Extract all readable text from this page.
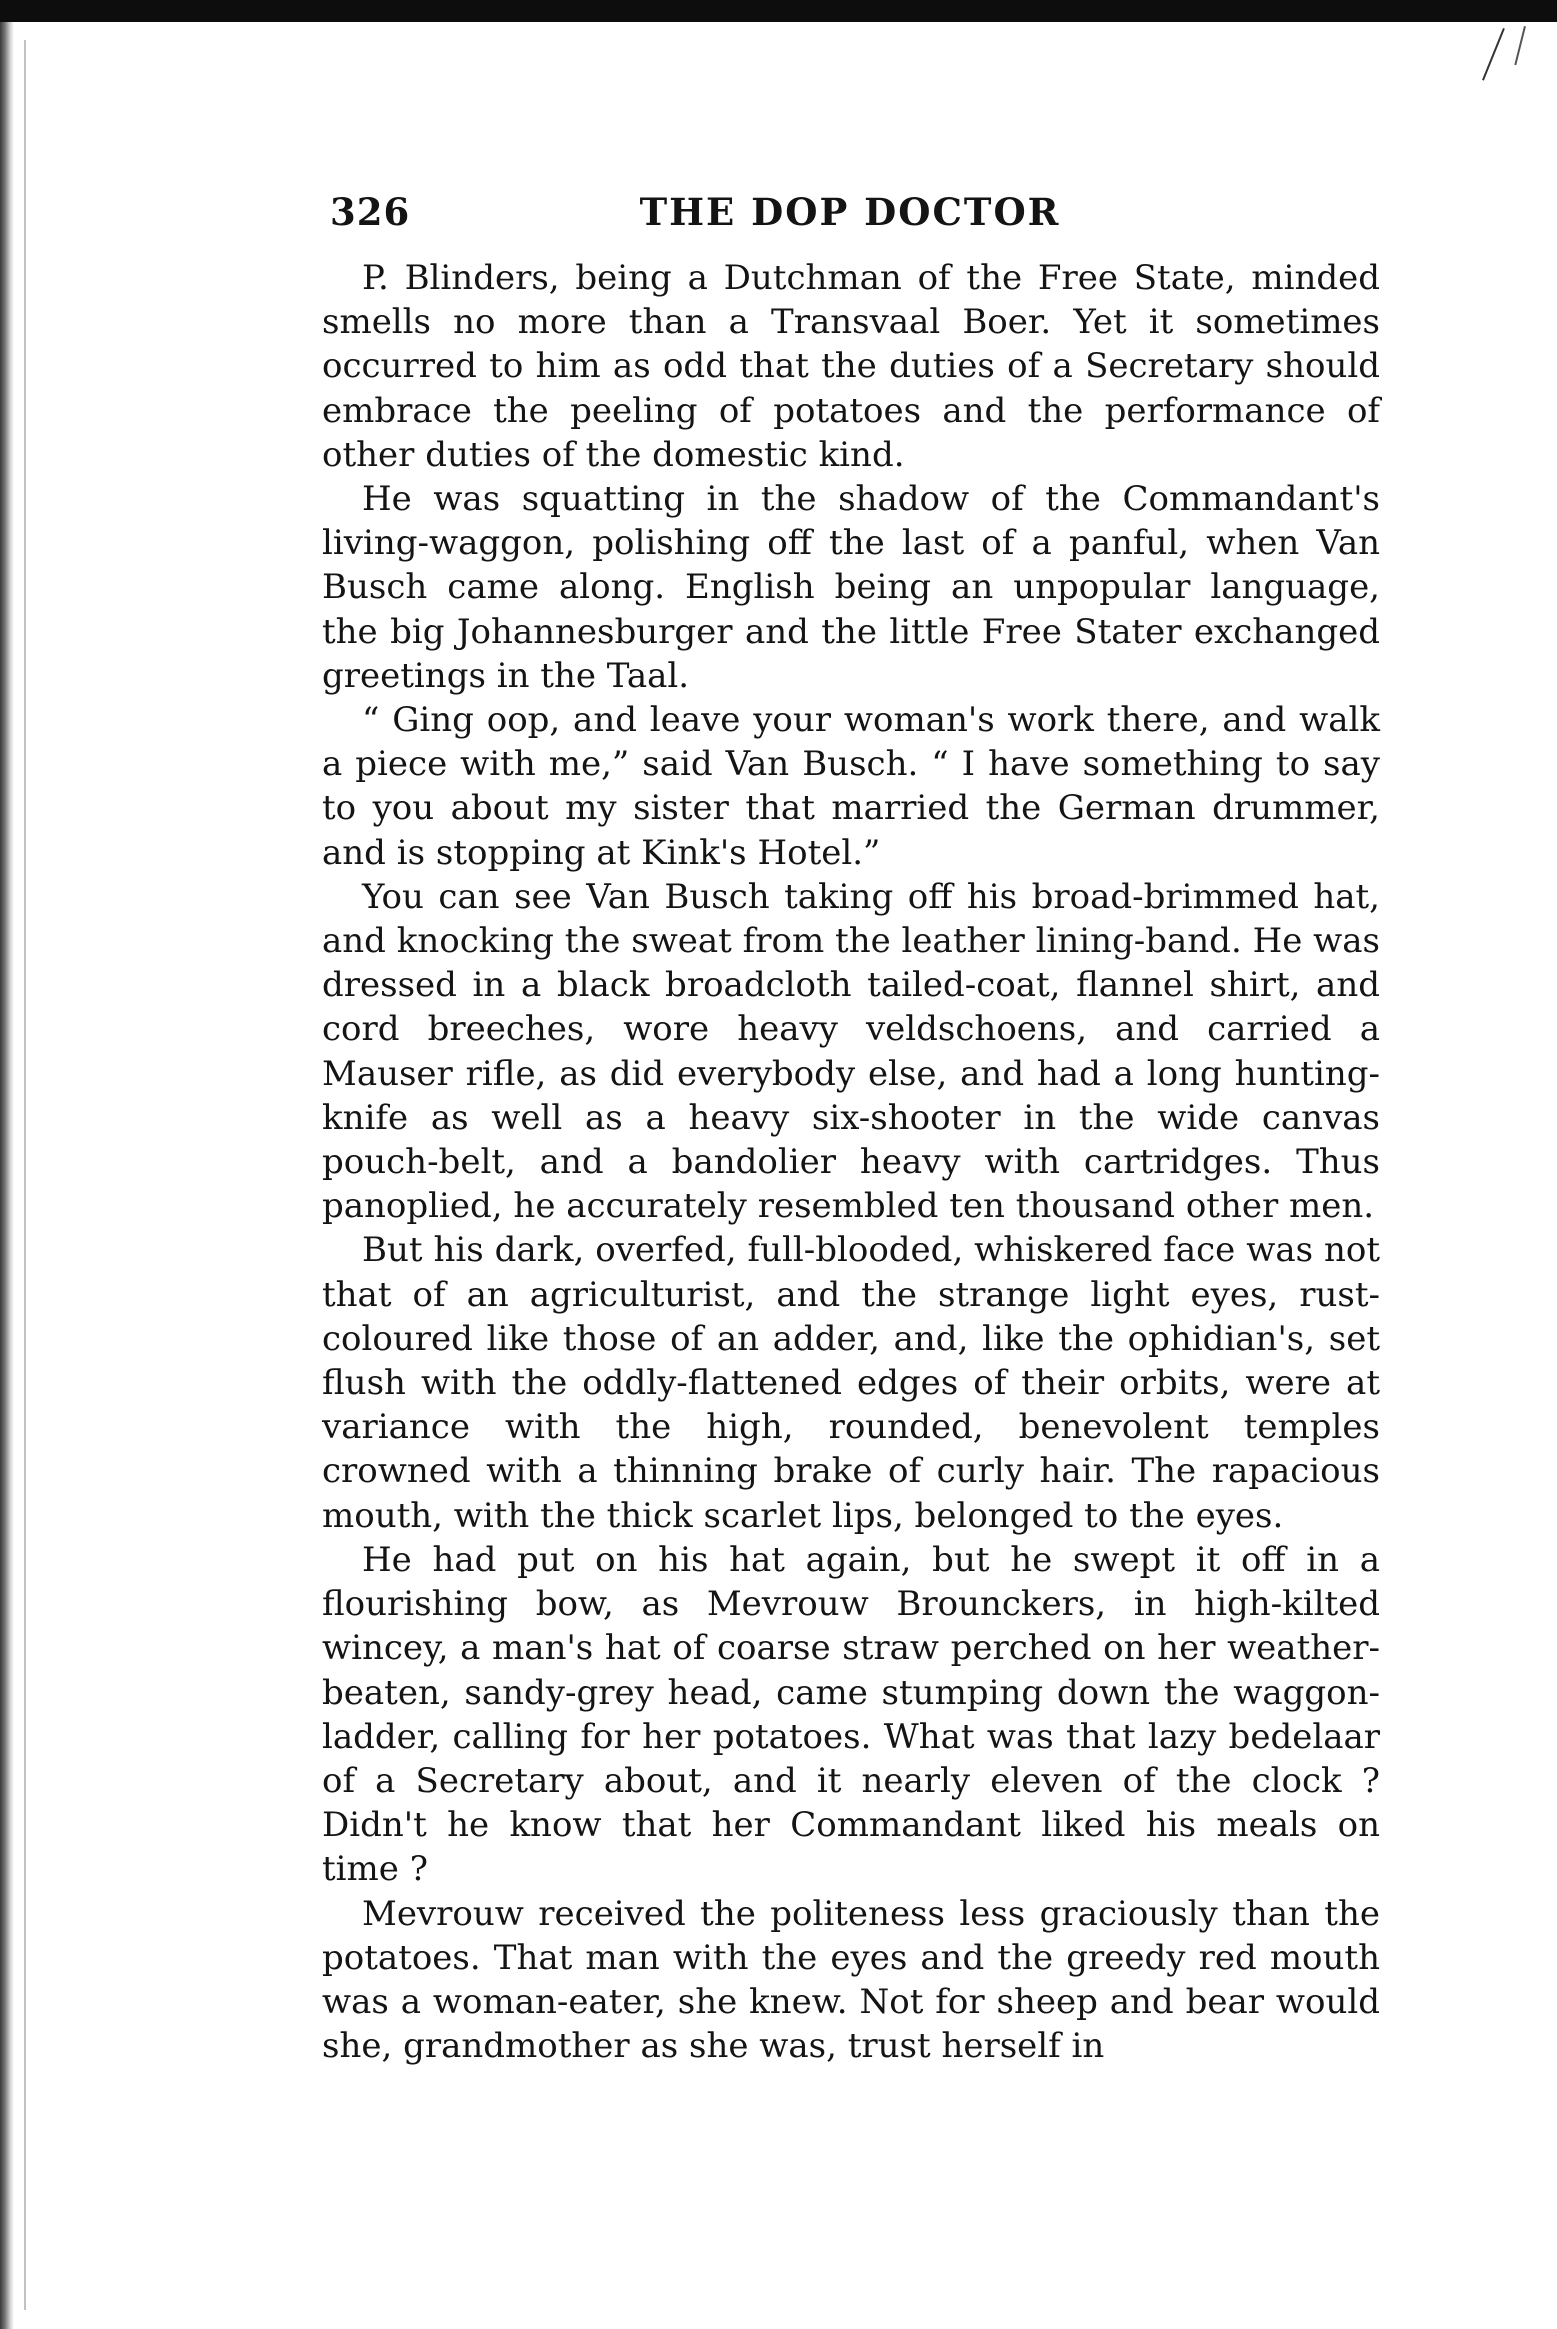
326	THE DOP DOCTOR

P. Blinders, being a Dutchman of the Free State, minded smells no more than a Transvaal Boer. Yet it sometimes occurred to him as odd that the duties of a Secretary should embrace the peeling of potatoes and the performance of other duties of the domestic kind.

He was squatting in the shadow of the Commandant's living-waggon, polishing off the last of a panful, when Van Busch came along. English being an unpopular language, the big Johannesburger and the little Free Stater exchanged greetings in the Taal.

“ Ging oop, and leave your woman's work there, and walk a piece with me,” said Van Busch. “ I have something to say to you about my sister that married the German drummer, and is stopping at Kink's Hotel.”

You can see Van Busch taking off his broad-brimmed hat, and knocking the sweat from the leather lining-band. He was dressed in a black broadcloth tailed-coat, flannel shirt, and cord breeches, wore heavy veldschoens, and carried a Mauser rifle, as did everybody else, and had a long hunting-knife as well as a heavy six-shooter in the wide canvas pouch-belt, and a bandolier heavy with cartridges. Thus panoplied, he accurately resembled ten thousand other men.

But his dark, overfed, full-blooded, whiskered face was not that of an agriculturist, and the strange light eyes, rust-coloured like those of an adder, and, like the ophidian's, set flush with the oddly-flattened edges of their orbits, were at variance with the high, rounded, benevolent temples crowned with a thinning brake of curly hair. The rapacious mouth, with the thick scarlet lips, belonged to the eyes.

He had put on his hat again, but he swept it off in a flourishing bow, as Mevrouw Brounckers, in high-kilted wincey, a man's hat of coarse straw perched on her weather-beaten, sandy-grey head, came stumping down the waggon-ladder, calling for her potatoes. What was that lazy bedelaar of a Secretary about, and it nearly eleven of the clock ? Didn't he know that her Commandant liked his meals on time ?

Mevrouw received the politeness less graciously than the potatoes. That man with the eyes and the greedy red mouth was a woman-eater, she knew. Not for sheep and bear would she, grandmother as she was, trust herself in
